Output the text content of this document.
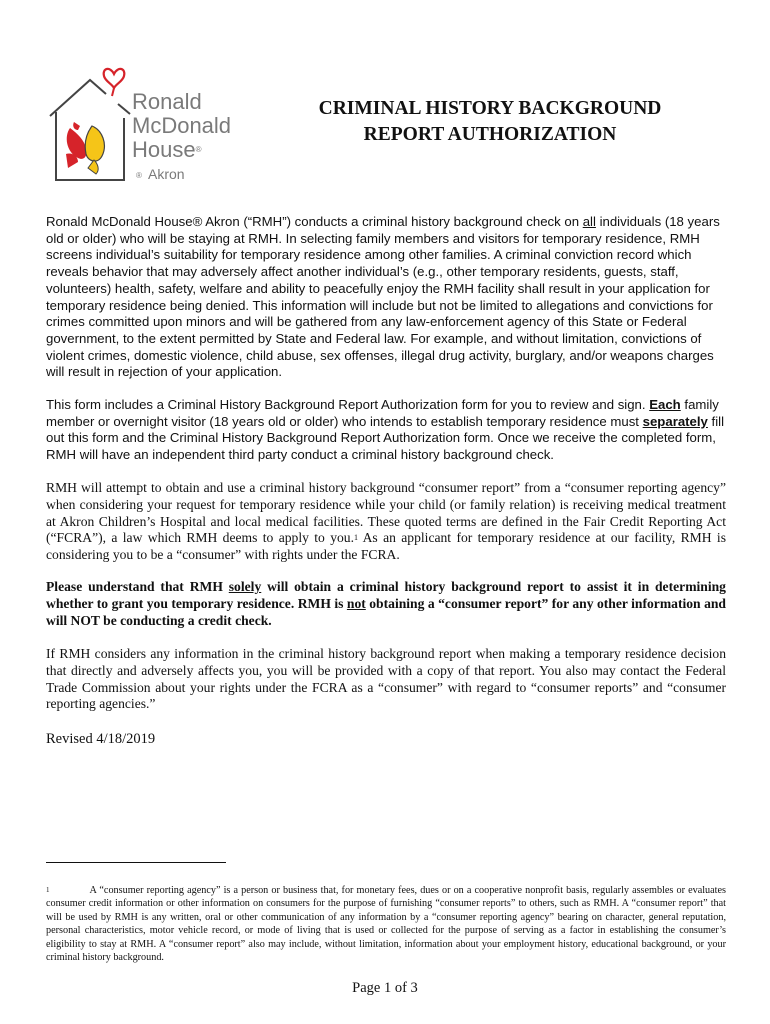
Ronald
McDonald
House®
® Akron
CRIMINAL HISTORY BACKGROUND
REPORT AUTHORIZATION
Ronald McDonald House® Akron (“RMH”) conducts a criminal history background check on all individuals (18 years old or older) who will be staying at RMH. In selecting family members and visitors for temporary residence, RMH screens individual’s suitability for temporary residence among other families. A criminal conviction record which reveals behavior that may adversely affect another individual’s (e.g., other temporary residents, guests, staff, volunteers) health, safety, welfare and ability to peacefully enjoy the RMH facility shall result in your application for temporary residence being denied. This information will include but not be limited to allegations and convictions for crimes committed upon minors and will be gathered from any law-enforcement agency of this State or Federal government, to the extent permitted by State and Federal law. For example, and without limitation, convictions of violent crimes, domestic violence, child abuse, sex offenses, illegal drug activity, burglary, and/or weapons charges will result in rejection of your application.
This form includes a Criminal History Background Report Authorization form for you to review and sign. Each family member or overnight visitor (18 years old or older) who intends to establish temporary residence must separately fill out this form and the Criminal History Background Report Authorization form. Once we receive the completed form, RMH will have an independent third party conduct a criminal history background check.
RMH will attempt to obtain and use a criminal history background “consumer report” from a “consumer reporting agency” when considering your request for temporary residence while your child (or family relation) is receiving medical treatment at Akron Children’s Hospital and local medical facilities. These quoted terms are defined in the Fair Credit Reporting Act (“FCRA”), a law which RMH deems to apply to you.$^1$ As an applicant for temporary residence at our facility, RMH is considering you to be a “consumer” with rights under the FCRA.
Please understand that RMH solely will obtain a criminal history background report to assist it in determining whether to grant you temporary residence. RMH is not obtaining a “consumer report” for any other information and will NOT be conducting a credit check.
If RMH considers any information in the criminal history background report when making a temporary residence decision that directly and adversely affects you, you will be provided with a copy of that report. You also may contact the Federal Trade Commission about your rights under the FCRA as a “consumer” with regard to “consumer reports” and “consumer reporting agencies.”
Revised 4/18/2019
$^1$	A “consumer reporting agency” is a person or business that, for monetary fees, dues or on a cooperative nonprofit basis, regularly assembles or evaluates consumer credit information or other information on consumers for the purpose of furnishing “consumer reports” to others, such as RMH. A “consumer report” that will be used by RMH is any written, oral or other communication of any information by a “consumer reporting agency” bearing on character, general reputation, personal characteristics, motor vehicle record, or mode of living that is used or collected for the purpose of serving as a factor in establishing the consumer’s eligibility to stay at RMH. A “consumer report” also may include, without limitation, information about your employment history, educational background, or your criminal history background.
Page 1 of 3
